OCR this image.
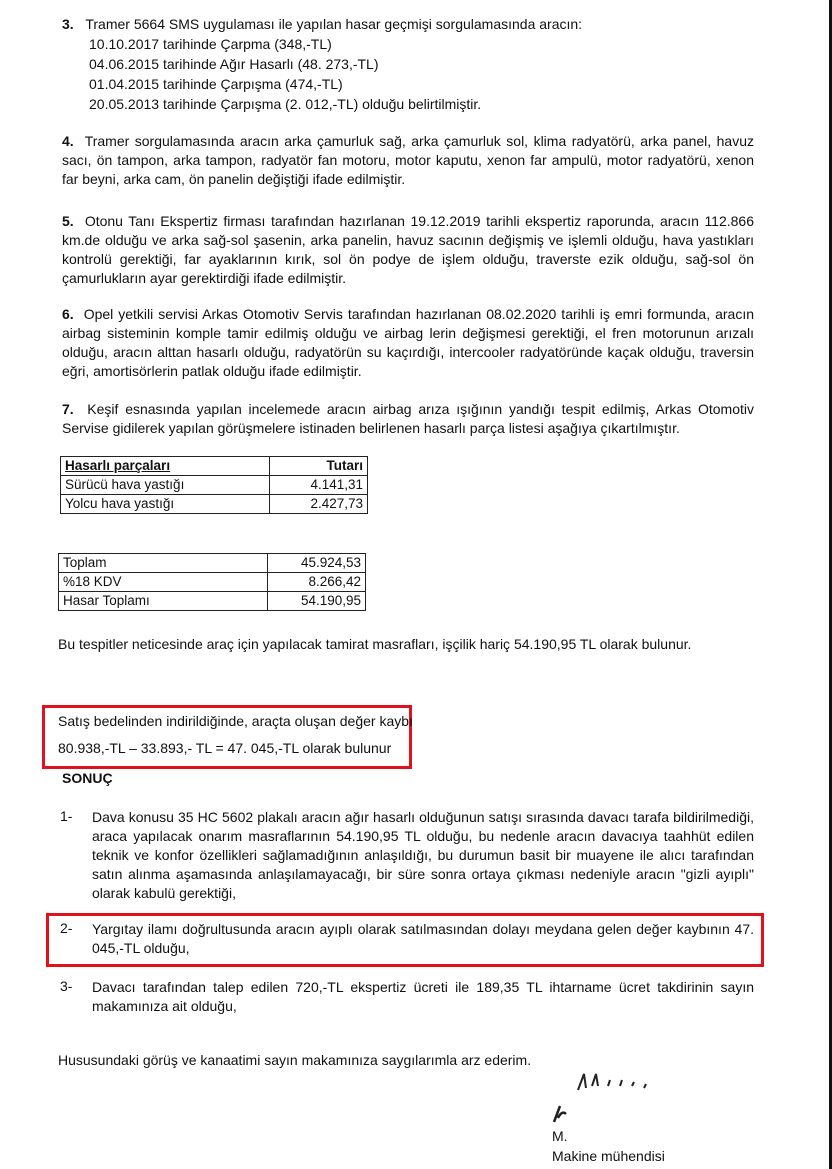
3. Tramer 5664 SMS uygulaması ile yapılan hasar geçmişi sorgulamasında aracın:
10.10.2017 tarihinde Çarpma (348,-TL)
04.06.2015 tarihinde Ağır Hasarlı (48. 273,-TL)
01.04.2015 tarihinde Çarpışma (474,-TL)
20.05.2013 tarihinde Çarpışma (2. 012,-TL) olduğu belirtilmiştir.
4. Tramer sorgulamasında aracın arka çamurluk sağ, arka çamurluk sol, klima radyatörü, arka panel, havuz sacı, ön tampon, arka tampon, radyatör fan motoru, motor kaputu, xenon far ampulü, motor radyatörü, xenon far beyni, arka cam, ön panelin değiştiği ifade edilmiştir.
5. Otonu Tanı Ekspertiz firması tarafından hazırlanan 19.12.2019 tarihli ekspertiz raporunda, aracın 112.866 km.de olduğu ve arka sağ-sol şasenin, arka panelin, havuz sacının değişmiş ve işlemli olduğu, hava yastıkları kontrolü gerektiği, far ayaklarının kırık, sol ön podye de işlem olduğu, traverste ezik olduğu, sağ-sol ön çamurlukların ayar gerektirdiği ifade edilmiştir.
6. Opel yetkili servisi Arkas Otomotiv Servis tarafından hazırlanan 08.02.2020 tarihli iş emri formunda, aracın airbag sisteminin komple tamir edilmiş olduğu ve airbag lerin değişmesi gerektiği, el fren motorunun arızalı olduğu, aracın alttan hasarlı olduğu, radyatörün su kaçırdığı, intercooler radyatöründe kaçak olduğu, traversin eğri, amortisörlerin patlak olduğu ifade edilmiştir.
7. Keşif esnasında yapılan incelemede aracın airbag arıza ışığının yandığı tespit edilmiş, Arkas Otomotiv Servise gidilerek yapılan görüşmelere istinaden belirlenen hasarlı parça listesi aşağıya çıkartılmıştır.
Hasarlı parçaları	Tutarı
Sürücü hava yastığı	4.141,31
Yolcu hava yastığı	2.427,73
Toplam	45.924,53
%18 KDV	8.266,42
Hasar Toplamı	54.190,95
Bu tespitler neticesinde araç için yapılacak tamirat masrafları, işçilik hariç 54.190,95 TL olarak bulunur.
Satış bedelinden indirildiğinde, araçta oluşan değer kaybı
80.938,-TL – 33.893,- TL = 47. 045,-TL olarak bulunur
SONUÇ
1-	Dava konusu 35 HC 5602 plakalı aracın ağır hasarlı olduğunun satışı sırasında davacı tarafa bildirilmediği, araca yapılacak onarım masraflarının 54.190,95 TL olduğu, bu nedenle aracın davacıya taahhüt edilen teknik ve konfor özellikleri sağlamadığının anlaşıldığı, bu durumun basit bir muayene ile alıcı tarafından satın alınma aşamasında anlaşılamayacağı, bir süre sonra ortaya çıkması nedeniyle aracın "gizli ayıplı" olarak kabulü gerektiği,
2-	Yargıtay ilamı doğrultusunda aracın ayıplı olarak satılmasından dolayı meydana gelen değer kaybının 47. 045,-TL olduğu,
3-	Davacı tarafından talep edilen 720,-TL ekspertiz ücreti ile 189,35 TL ihtarname ücret takdirinin sayın makamınıza ait olduğu,
Hususundaki görüş ve kanaatimi sayın makamınıza saygılarımla arz ederim.
M.
Makine mühendisi
